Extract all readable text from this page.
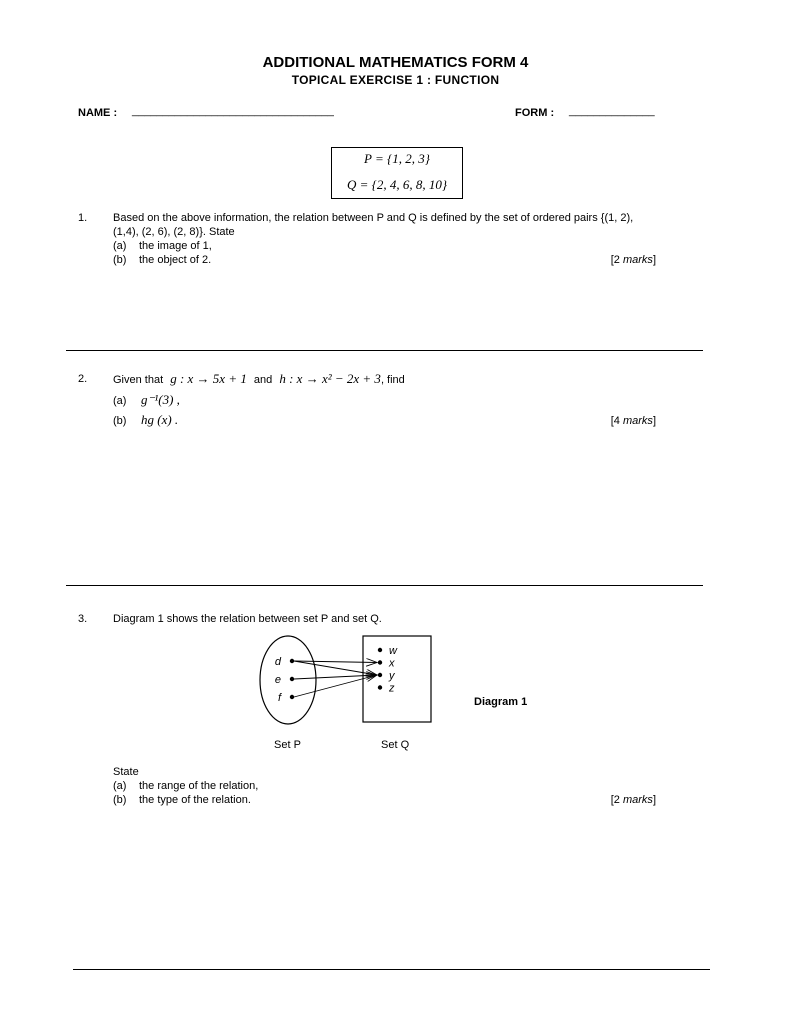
ADDITIONAL MATHEMATICS FORM 4
TOPICAL EXERCISE 1 : FUNCTION
NAME : _________________________________	FORM : ______________
P = {1, 2, 3}
Q = {2, 4, 6, 8, 10}
1. Based on the above information, the relation between P and Q is defined by the set of ordered pairs {(1, 2),
(1,4), (2, 6), (2, 8)}. State
(a) the image of 1,
(b) the object of 2.	[2 marks]
2. Given that g : x → 5x + 1 and h : x → x² − 2x + 3, find
(a) g⁻¹(3) ,
(b) hg (x) .	[4 marks]
3. Diagram 1 shows the relation between set P and set Q.
d
e
f
w
x
y
z
Set P	Set Q
Diagram 1
State
(a) the range of the relation,
(b) the type of the relation.	[2 marks]
